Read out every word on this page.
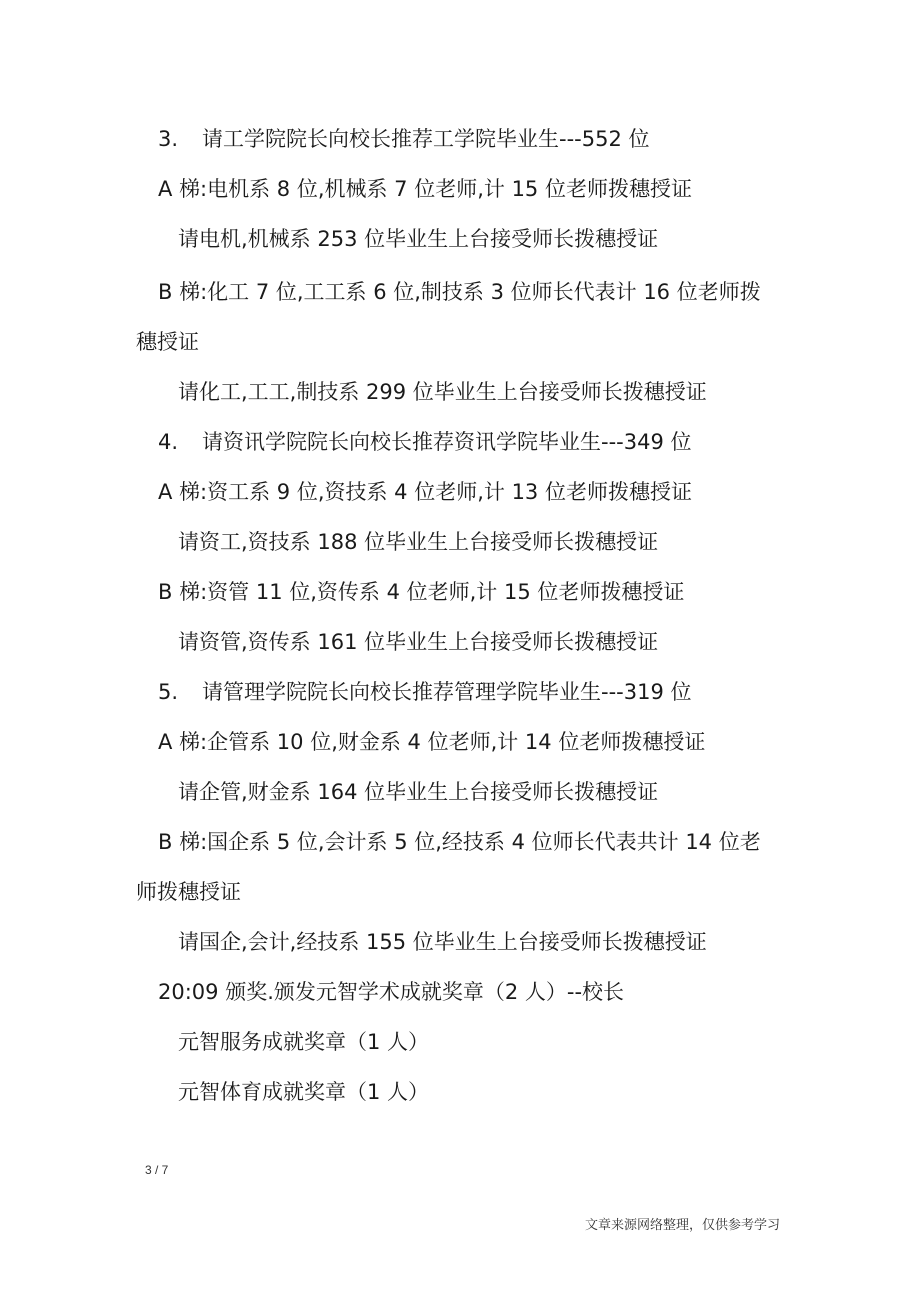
3. 请工学院院长向校长推荐工学院毕业生---552 位
A 梯:电机系 8 位,机械系 7 位老师,计 15 位老师拨穗授证
请电机,机械系 253 位毕业生上台接受师长拨穗授证
B 梯:化工 7 位,工工系 6 位,制技系 3 位师长代表计 16 位老师拨
穗授证
请化工,工工,制技系 299 位毕业生上台接受师长拨穗授证
4. 请资讯学院院长向校长推荐资讯学院毕业生---349 位
A 梯:资工系 9 位,资技系 4 位老师,计 13 位老师拨穗授证
请资工,资技系 188 位毕业生上台接受师长拨穗授证
B 梯:资管 11 位,资传系 4 位老师,计 15 位老师拨穗授证
请资管,资传系 161 位毕业生上台接受师长拨穗授证
5. 请管理学院院长向校长推荐管理学院毕业生---319 位
A 梯:企管系 10 位,财金系 4 位老师,计 14 位老师拨穗授证
请企管,财金系 164 位毕业生上台接受师长拨穗授证
B 梯:国企系 5 位,会计系 5 位,经技系 4 位师长代表共计 14 位老
师拨穗授证
请国企,会计,经技系 155 位毕业生上台接受师长拨穗授证
20:09 颁奖.颁发元智学术成就奖章（2 人）--校长
元智服务成就奖章（1 人）
元智体育成就奖章（1 人）
3 / 7
文章来源网络整理，仅供参考学习
